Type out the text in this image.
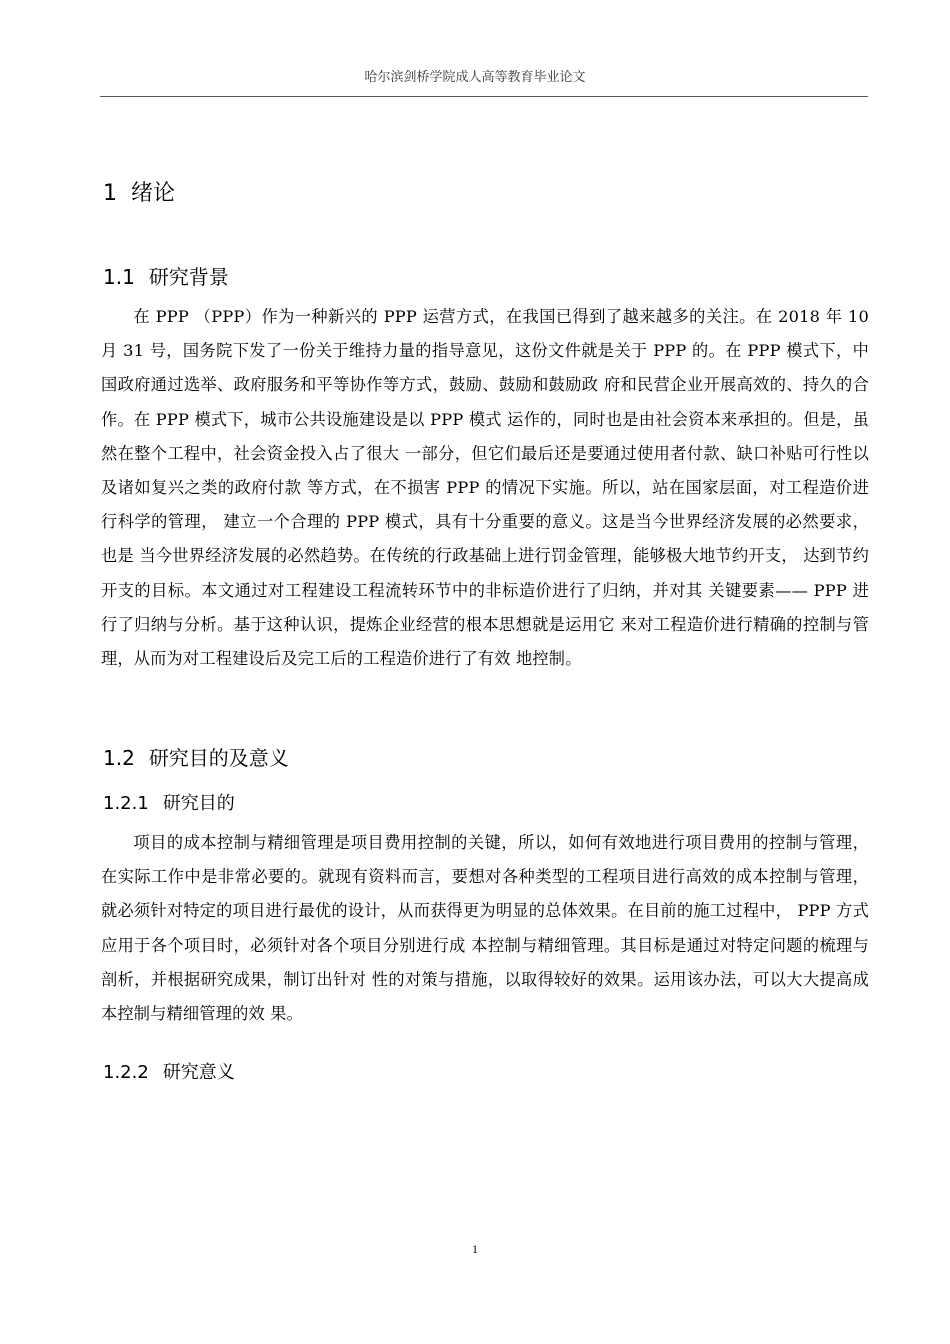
哈尔滨剑桥学院成人高等教育毕业论文
1 绪论
1.1 研究背景

在 PPP （PPP）作为一种新兴的 PPP 运营方式，在我国已得到了越来越多的关注。在 2018 年 10 月 31 号，国务院下发了一份关于维持力量的指导意见，这份文件就是关于 PPP 的。在 PPP 模式下，中国政府通过选举、政府服务和平等协作等方式，鼓励、鼓励和鼓励政 府和民营企业开展高效的、持久的合作。在 PPP 模式下，城市公共设施建设是以 PPP 模式 运作的，同时也是由社会资本来承担的。但是，虽然在整个工程中，社会资金投入占了很大 一部分，但它们最后还是要通过使用者付款、缺口补贴可行性以及诸如复兴之类的政府付款 等方式，在不损害 PPP 的情况下实施。所以，站在国家层面，对工程造价进行科学的管理， 建立一个合理的 PPP 模式，具有十分重要的意义。这是当今世界经济发展的必然要求，也是 当今世界经济发展的必然趋势。在传统的行政基础上进行罚金管理，能够极大地节约开支， 达到节约开支的目标。本文通过对工程建设工程流转环节中的非标造价进行了归纳，并对其 关键要素—— PPP 进行了归纳与分析。基于这种认识，提炼企业经营的根本思想就是运用它 来对工程造价进行精确的控制与管理，从而为对工程建设后及完工后的工程造价进行了有效 地控制。

1.2 研究目的及意义
1.2.1 研究目的

项目的成本控制与精细管理是项目费用控制的关键，所以，如何有效地进行项目费用的控制与管理，在实际工作中是非常必要的。就现有资料而言，要想对各种类型的工程项目进行高效的成本控制与管理，就必须针对特定的项目进行最优的设计，从而获得更为明显的总体效果。在目前的施工过程中， PPP 方式应用于各个项目时，必须针对各个项目分别进行成 本控制与精细管理。其目标是通过对特定问题的梳理与剖析，并根据研究成果，制订出针对 性的对策与措施，以取得较好的效果。运用该办法，可以大大提高成本控制与精细管理的效 果。

1.2.2 研究意义
1
